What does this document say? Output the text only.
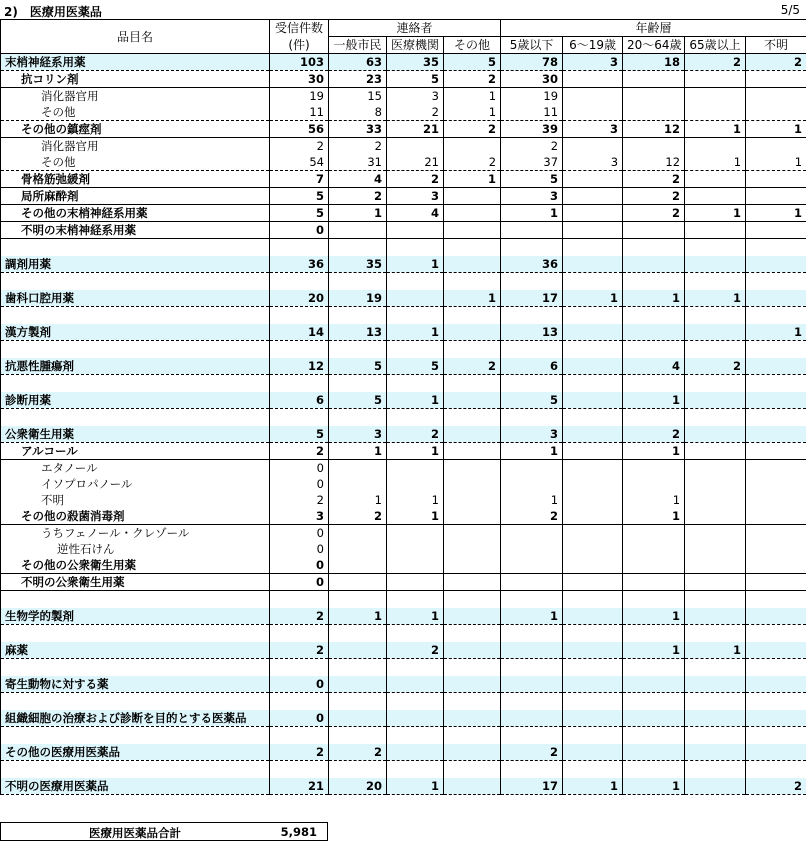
2)　医療用医薬品	5/5
品目名	受信件数	連絡者			年齢層				
	(件)	一般市民	医療機関	その他	5歳以下	6～19歳	20～64歳	65歳以上	不明
末梢神経系用薬	103	63	35	5	78	3	18	2	2
抗コリン剤	30	23	5	2	30				
消化器官用	19	15	3	1	19				
その他	11	8	2	1	11				
その他の鎮痙剤	56	33	21	2	39	3	12	1	1
消化器官用	2	2			2				
その他	54	31	21	2	37	3	12	1	1
骨格筋弛緩剤	7	4	2	1	5		2		
局所麻酔剤	5	2	3		3		2		
その他の末梢神経系用薬	5	1	4		1		2	1	1
不明の末梢神経系用薬	0								

調剤用薬	36	35	1		36				

歯科口腔用薬	20	19		1	17	1	1	1	

漢方製剤	14	13	1		13				1

抗悪性腫瘍剤	12	5	5	2	6		4	2	

診断用薬	6	5	1		5		1		

公衆衛生用薬	5	3	2		3		2		
アルコール	2	1	1		1		1		
エタノール	0								
イソプロパノール	0								
不明	2	1	1		1		1		
その他の殺菌消毒剤	3	2	1		2		1		
うちフェノール・クレゾール	0								
逆性石けん	0								
その他の公衆衛生用薬	0								
不明の公衆衛生用薬	0								

生物学的製剤	2	1	1		1		1		

麻薬	2		2				1	1	

寄生動物に対する薬	0								

組織細胞の治療および診断を目的とする医薬品	0								

その他の医療用医薬品	2	2			2				

不明の医療用医薬品	21	20	1		17	1	1		2
医療用医薬品合計	5,981
